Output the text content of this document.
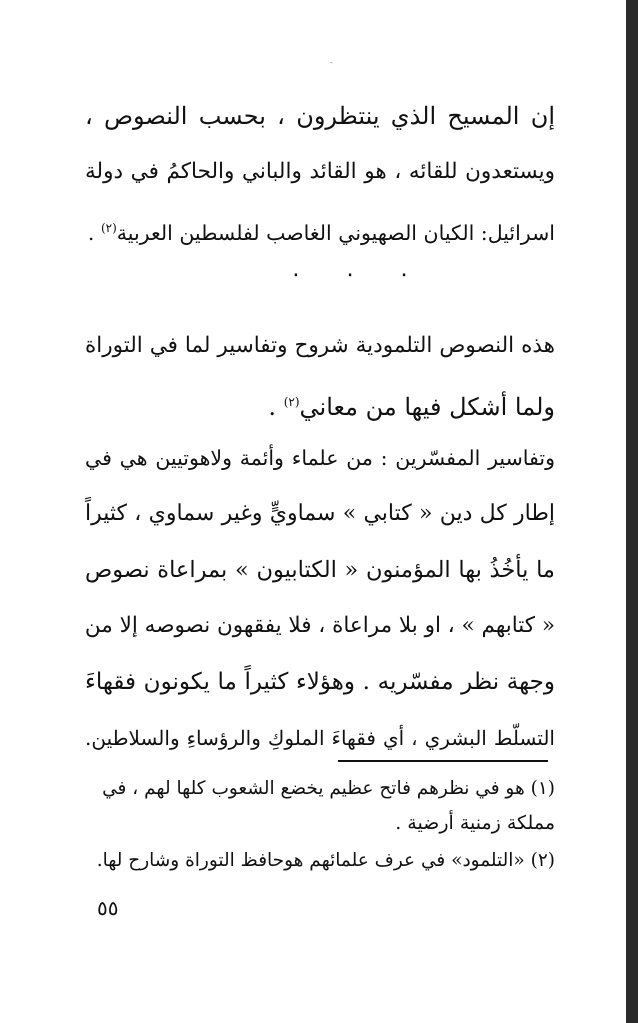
-
إن المسيح الذي ينتظرون ، بحسب النصوص ،
ويستعدون للقائه ، هو القائد والباني والحاكمُ في دولة
اسرائيل: الكيان الصهيوني الغاصب لفلسطين العربية$^{(٢)}$ .
٠ ٠ ٠
هذه النصوص التلمودية شروح وتفاسير لما في التوراة
ولما أشكل فيها من معاني$^{(٢)}$ .
وتفاسير المفسّرين : من علماء وأئمة ولاهوتيين هي في
إطار كل دين « كتابي » سماويٍّ وغير سماوي ، كثيراً
ما يأخُذُ بها المؤمنون « الكتابيون » بمراعاة نصوص
« كتابهم » ، او بلا مراعاة ، فلا يفقهون نصوصه إلا من
وجهة نظر مفسّريه . وهؤلاء كثيراً ما يكونون فقهاءَ
التسلّط البشري ، أي فقهاءَ الملوكِ والرؤساءِ والسلاطين.
(١) هو في نظرهم فاتح عظيم يخضع الشعوب كلها لهم ، في
مملكة زمنية أرضية .
(٢) «التلمود» في عرف علمائهم هوحافظ التوراة وشارح لها.
٥٥
